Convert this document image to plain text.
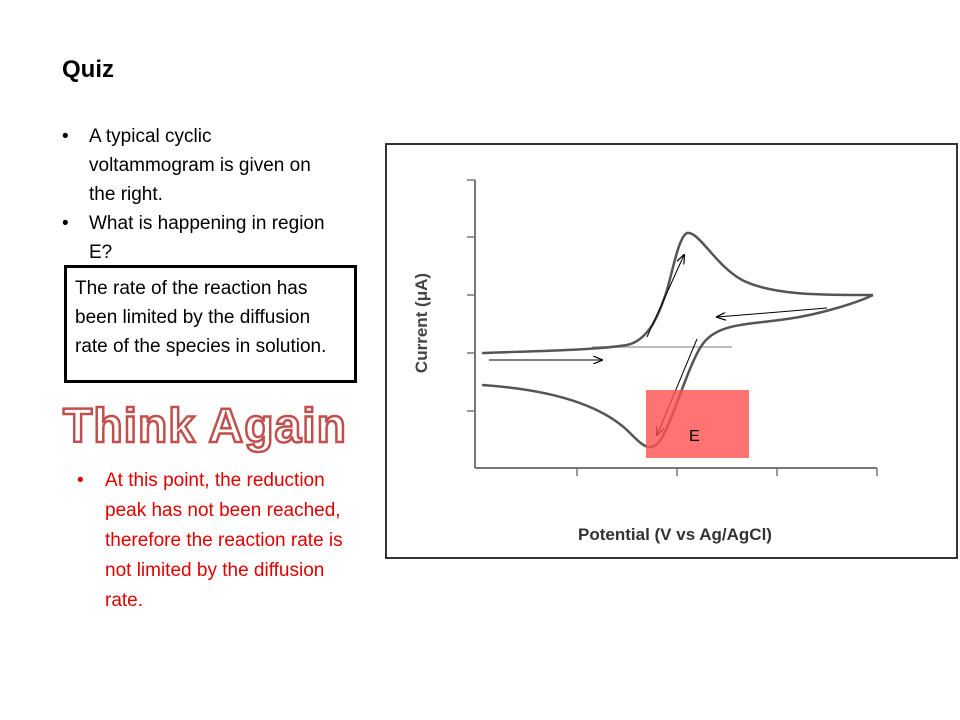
Quiz
•	A typical cyclic voltammogram is given on the right.
•	What is happening in region E?
The rate of the reaction has been limited by the diffusion rate of the species in solution.
Think Again
• At this point, the reduction peak has not been reached, therefore the reaction rate is not limited by the diffusion rate.
Current (μA)
Potential (V vs Ag/AgCl)
E
